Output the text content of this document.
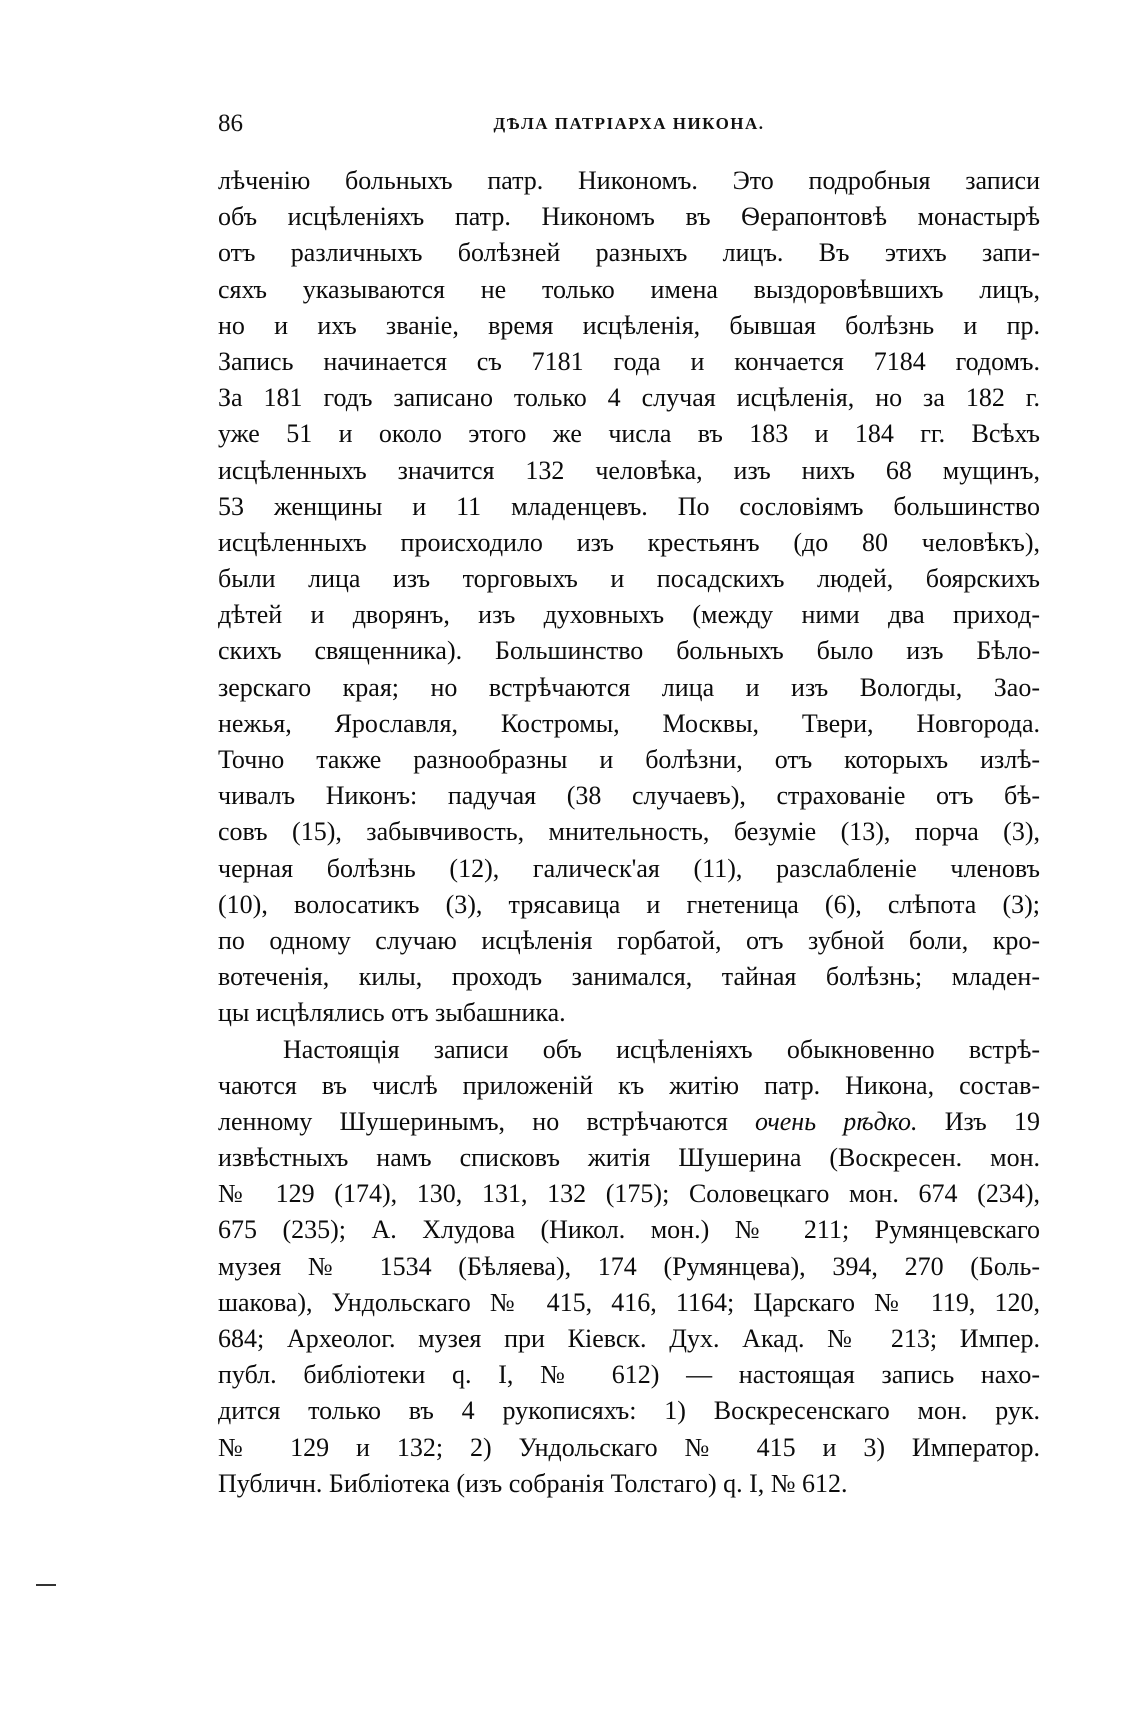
86	ДѢЛА ПАТРІАРХА НИКОНА.
лѣченію больныхъ патр. Никономъ. Это подробныя записи
объ исцѣленіяхъ патр. Никономъ въ Ѳерапонтовѣ монастырѣ
отъ различныхъ болѣзней разныхъ лицъ. Въ этихъ запи-
сяхъ указываются не только имена выздоровѣвшихъ лицъ,
но и ихъ званіе, время исцѣленія, бывшая болѣзнь и пр.
Запись начинается съ 7181 года и кончается 7184 годомъ.
За 181 годъ записано только 4 случая исцѣленія, но за 182 г.
уже 51 и около этого же числа въ 183 и 184 гг. Всѣхъ
исцѣленныхъ значится 132 человѣка, изъ нихъ 68 мущинъ,
53 женщины и 11 младенцевъ. По сословіямъ большинство
исцѣленныхъ происходило изъ крестьянъ (до 80 человѣкъ),
были лица изъ торговыхъ и посадскихъ людей, боярскихъ
дѣтей и дворянъ, изъ духовныхъ (между ними два приход-
скихъ священника). Большинство больныхъ было изъ Бѣло-
зерскаго края; но встрѣчаются лица и изъ Вологды, Зао-
нежья, Ярославля, Костромы, Москвы, Твери, Новгорода.
Точно также разнообразны и болѣзни, отъ которыхъ излѣ-
чивалъ Никонъ: падучая (38 случаевъ), страхованіе отъ бѣ-
совъ (15), забывчивость, мнительность, безуміе (13), порча (3),
черная болѣзнь (12), галическ'ая (11), разслабленіе членовъ
(10), волосатикъ (3), трясавица и гнетеница (6), слѣпота (3);
по одному случаю исцѣленія горбатой, отъ зубной боли, кро-
вотеченія, килы, проходъ занимался, тайная болѣзнь; младен-
цы исцѣлялись отъ зыбашника.
Настоящія записи объ исцѣленіяхъ обыкновенно встрѣ-
чаются въ числѣ приложеній къ житію патр. Никона, состав-
ленному Шушеринымъ, но встрѣчаются очень рѣдко. Изъ 19
извѣстныхъ намъ списковъ житія Шушерина (Воскресен. мон.
№ 129 (174), 130, 131, 132 (175); Соловецкаго мон. 674 (234),
675 (235); А. Хлудова (Никол. мон.) № 211; Румянцевскаго
музея № 1534 (Бѣляева), 174 (Румянцева), 394, 270 (Боль-
шакова), Ундольскаго № 415, 416, 1164; Царскаго № 119, 120,
684; Археолог. музея при Кіевск. Дух. Акад. № 213; Импер.
публ. библіотеки q. I, № 612) — настоящая запись нахо-
дится только въ 4 рукописяхъ: 1) Воскресенскаго мон. рук.
№ 129 и 132; 2) Ундольскаго № 415 и 3) Император.
Публичн. Библіотека (изъ собранія Толстаго) q. I, № 612.
